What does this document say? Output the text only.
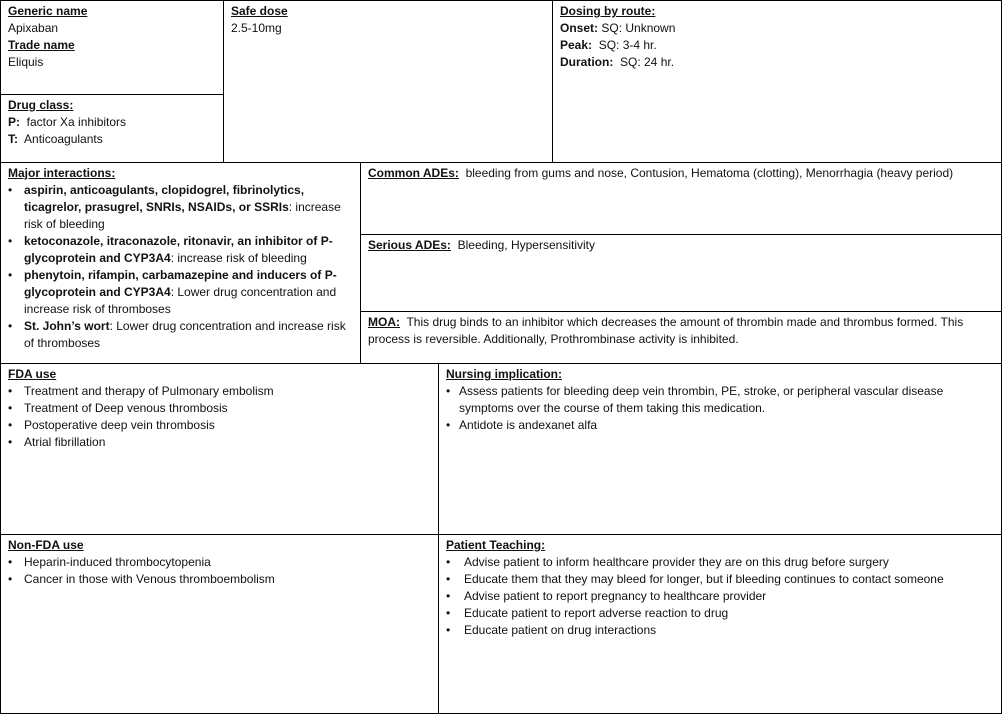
Generic name
Apixaban
Trade name
Eliquis
Drug class:
P: factor Xa inhibitors
T: Anticoagulants
Safe dose
2.5-10mg
Dosing by route:
Onset: SQ: Unknown
Peak: SQ: 3-4 hr.
Duration: SQ: 24 hr.
Major interactions:
• aspirin, anticoagulants, clopidogrel, fibrinolytics, ticagrelor, prasugrel, SNRIs, NSAIDs, or SSRIs: increase risk of bleeding
• ketoconazole, itraconazole, ritonavir, an inhibitor of P-glycoprotein and CYP3A4: increase risk of bleeding
• phenytoin, rifampin, carbamazepine and inducers of P-glycoprotein and CYP3A4: Lower drug concentration and increase risk of thromboses
• St. John’s wort: Lower drug concentration and increase risk of thromboses
Common ADEs: bleeding from gums and nose, Contusion, Hematoma (clotting), Menorrhagia (heavy period)
Serious ADEs: Bleeding, Hypersensitivity
MOA: This drug binds to an inhibitor which decreases the amount of thrombin made and thrombus formed. This process is reversible. Additionally, Prothrombinase activity is inhibited.
FDA use
• Treatment and therapy of Pulmonary embolism
• Treatment of Deep venous thrombosis
• Postoperative deep vein thrombosis
• Atrial fibrillation
Nursing implication:
• Assess patients for bleeding deep vein thrombin, PE, stroke, or peripheral vascular disease symptoms over the course of them taking this medication.
• Antidote is andexanet alfa
Non-FDA use
• Heparin-induced thrombocytopenia
• Cancer in those with Venous thromboembolism
Patient Teaching:
• Advise patient to inform healthcare provider they are on this drug before surgery
• Educate them that they may bleed for longer, but if bleeding continues to contact someone
• Advise patient to report pregnancy to healthcare provider
• Educate patient to report adverse reaction to drug
• Educate patient on drug interactions
